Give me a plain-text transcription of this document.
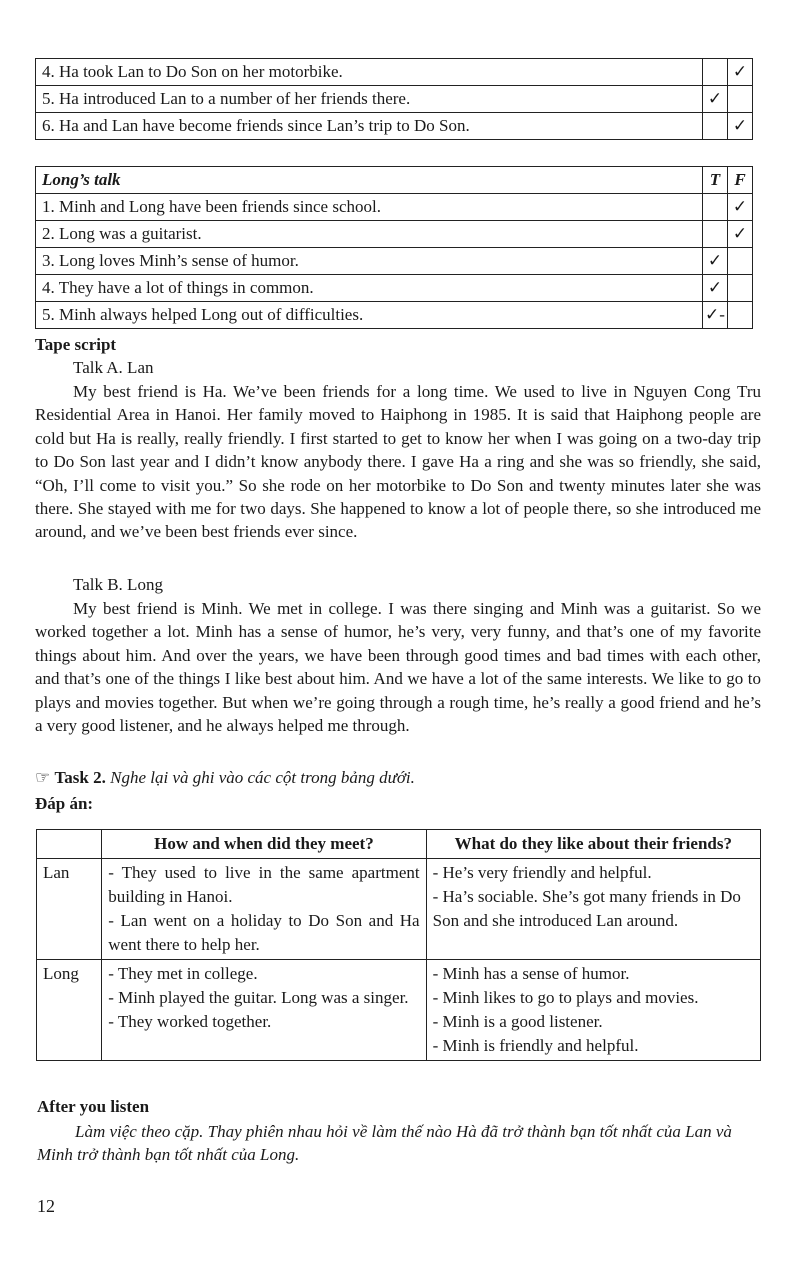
4. Ha took Lan to Do Son on her motorbike.		✓
5. Ha introduced Lan to a number of her friends there.	✓	
6. Ha and Lan have become friends since Lan’s trip to Do Son.		✓
Long’s talk	T	F
1. Minh and Long have been friends since school.		✓
2. Long was a guitarist.		✓
3. Long loves Minh’s sense of humor.	✓	
4. They have a lot of things in common.	✓	
5. Minh always helped Long out of difficulties.	✓-	
Tape script
Talk A. Lan

My best friend is Ha. We’ve been friends for a long time. We used to live in Nguyen Cong Tru Residential Area in Hanoi. Her family moved to Haiphong in 1985. It is said that Haiphong people are cold but Ha is really, really friendly. I first started to get to know her when I was going on a two-day trip to Do Son last year and I didn’t know anybody there. I gave Ha a ring and she was so friendly, she said, “Oh, I’ll come to visit you.” So she rode on her motorbike to Do Son and twenty minutes later she was there. She stayed with me for two days. She happened to know a lot of people there, so she introduced me around, and we’ve been best friends ever since.

Talk B. Long

My best friend is Minh. We met in college. I was there singing and Minh was a guitarist. So we worked together a lot. Minh has a sense of humor, he’s very, very funny, and that’s one of my favorite things about him. And over the years, we have been through good times and bad times with each other, and that’s one of the things I like best about him. And we have a lot of the same interests. We like to go to plays and movies together. But when we’re going through a rough time, he’s really a good friend and he’s a very good listener, and he always helped me through.

☞ Task 2. Nghe lại và ghi vào các cột trong bảng dưới.
Đáp án:
	How and when did they meet?	What do they like about their friends?
Lan	- They used to live in the same apartment building in Hanoi.
- Lan went on a holiday to Do Son and Ha went there to help her.	- He’s very friendly and helpful.
- Ha’s sociable. She’s got many friends in Do Son and she introduced Lan around.

Long	- They met in college.
- Minh played the guitar. Long was a singer.
- They worked together.	- Minh has a sense of humor.
- Minh likes to go to plays and movies.
- Minh is a good listener.
- Minh is friendly and helpful.
After you listen

Làm việc theo cặp. Thay phiên nhau hỏi về làm thế nào Hà đã trở thành bạn tốt nhất của Lan và Minh trở thành bạn tốt nhất của Long.

12
